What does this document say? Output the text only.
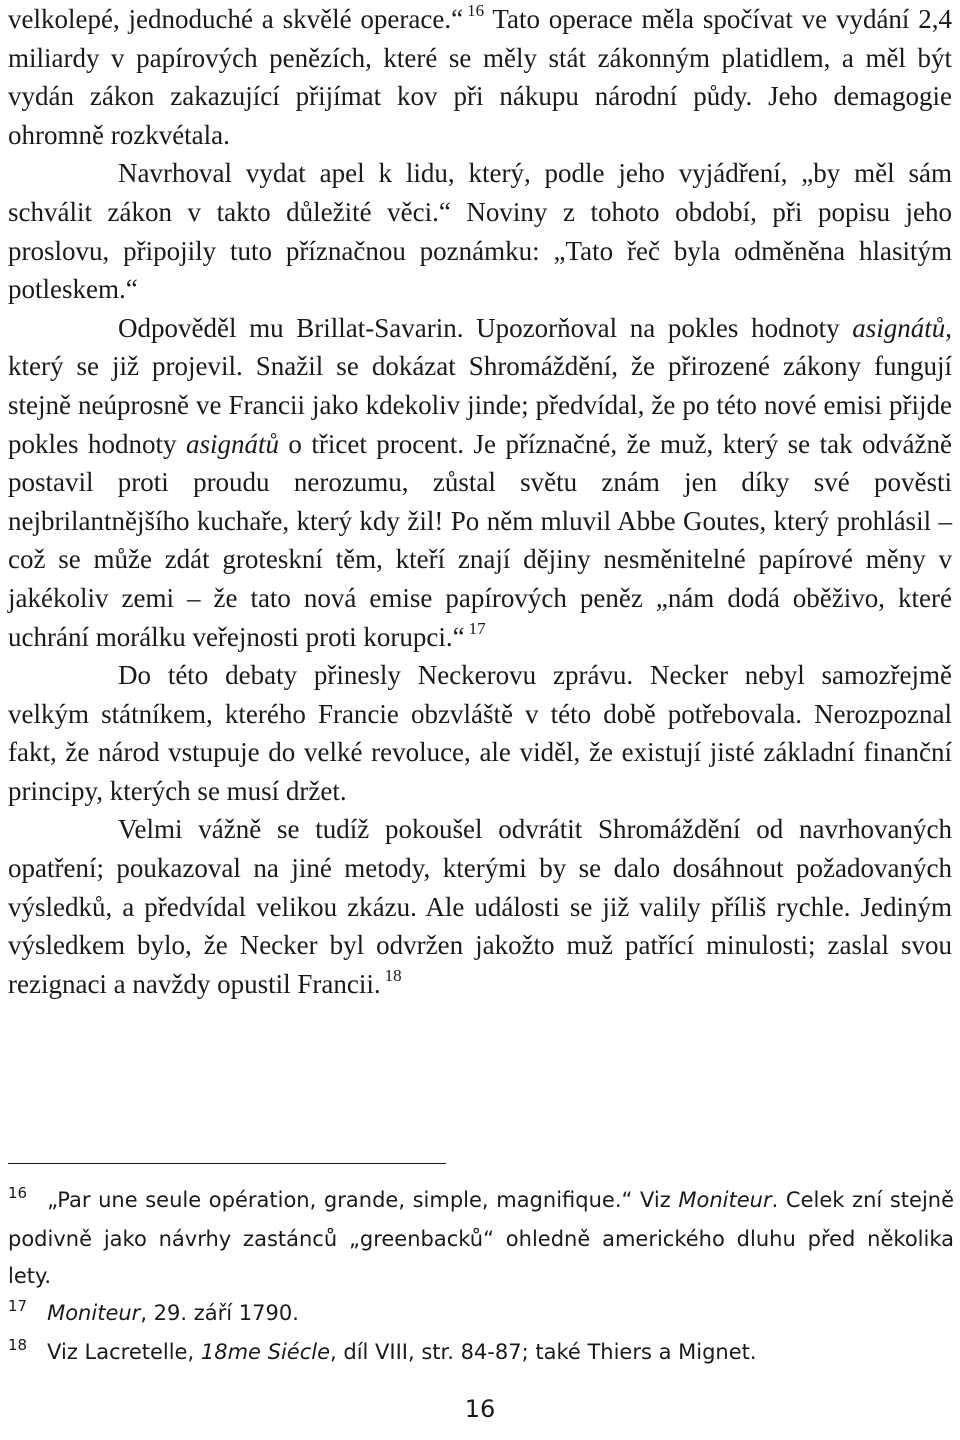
velkolepé, jednoduché a skvělé operace.“ $^{16}$ Tato operace měla spočívat ve vydání 2,4 miliardy v papírových penězích, které se měly stát zákonným platidlem, a měl být vydán zákon zakazující přijímat kov při nákupu národní půdy. Jeho demagogie ohromně rozkvétala.

Navrhoval vydat apel k lidu, který, podle jeho vyjádření, „by měl sám schválit zákon v takto důležité věci.“ Noviny z tohoto období, při popisu jeho proslovu, připojily tuto příznačnou poznámku: „Tato řeč byla odměněna hlasitým potleskem.“

Odpověděl mu Brillat-Savarin. Upozorňoval na pokles hodnoty asignátů, který se již projevil. Snažil se dokázat Shromáždění, že přirozené zákony fungují stejně neúprosně ve Francii jako kdekoliv jinde; předvídal, že po této nové emisi přijde pokles hodnoty asignátů o třicet procent. Je příznačné, že muž, který se tak odvážně postavil proti proudu nerozumu, zůstal světu znám jen díky své pověsti nejbrilantnějšího kuchaře, který kdy žil! Po něm mluvil Abbe Goutes, který prohlásil – což se může zdát groteskní těm, kteří znají dějiny nesměnitelné papírové měny v jakékoliv zemi – že tato nová emise papírových peněz „nám dodá oběživo, které uchrání morálku veřejnosti proti korupci.“ $^{17}$

Do této debaty přinesly Neckerovu zprávu. Necker nebyl samozřejmě velkým státníkem, kterého Francie obzvláště v této době potřebovala. Nerozpoznal fakt, že národ vstupuje do velké revoluce, ale viděl, že existují jisté základní finanční principy, kterých se musí držet.

Velmi vážně se tudíž pokoušel odvrátit Shromáždění od navrhovaných opatření; poukazoval na jiné metody, kterými by se dalo dosáhnout požadovaných výsledků, a předvídal velikou zkázu. Ale události se již valily příliš rychle. Jediným výsledkem bylo, že Necker byl odvržen jakožto muž patřící minulosti; zaslal svou rezignaci a navždy opustil Francii. $^{18}$

$^{16}$ „Par une seule opération, grande, simple, magnifique.“ Viz Moniteur. Celek zní stejně podivně jako návrhy zastánců „greenbacků“ ohledně amerického dluhu před několika lety.

$^{17}$ Moniteur, 29. září 1790.

$^{18}$ Viz Lacretelle, 18me Siécle, díl VIII, str. 84-87; také Thiers a Mignet.

16
